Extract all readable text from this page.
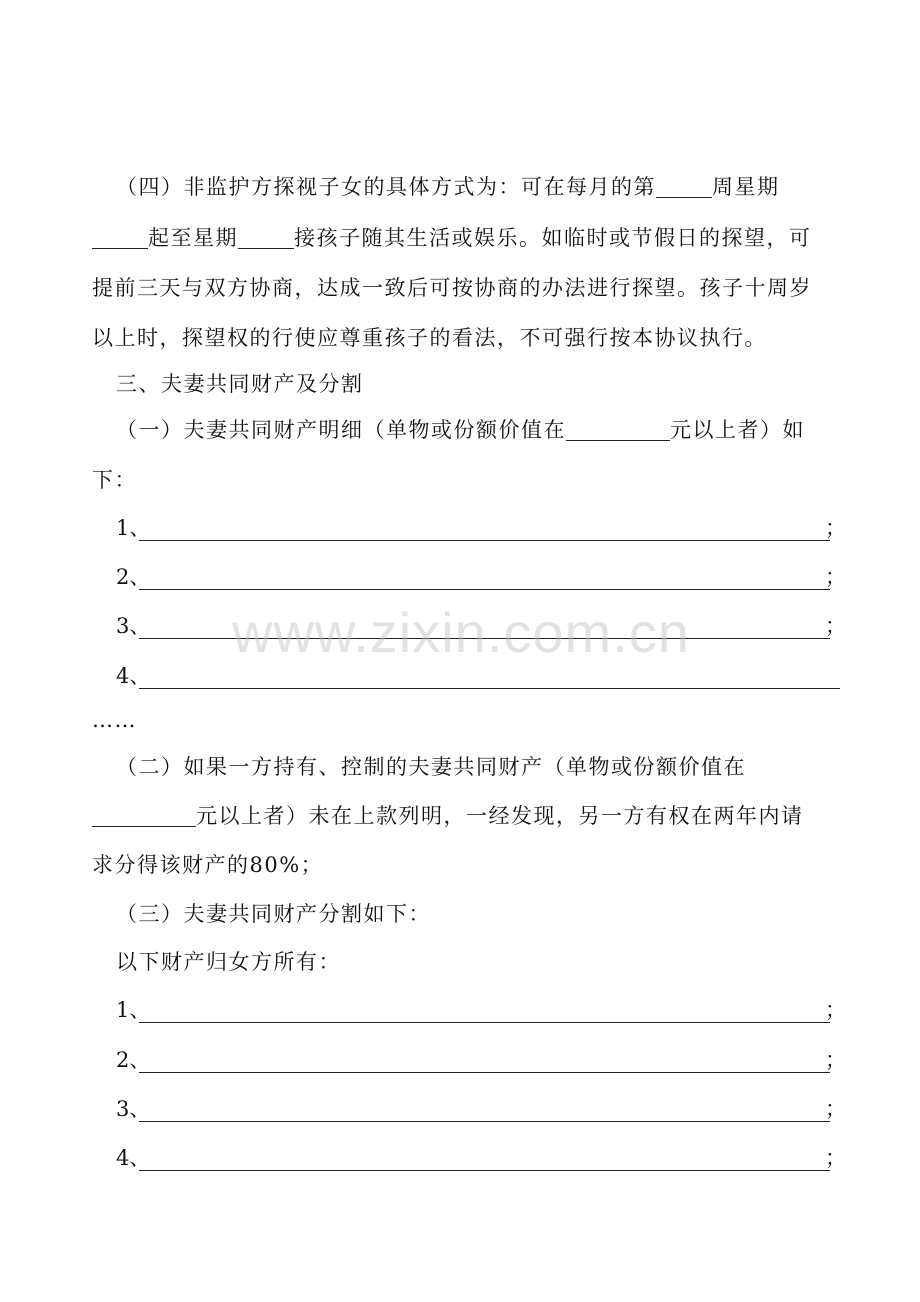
（四）非监护方探视子女的具体方式为：可在每月的第	周星期
起至星期	接孩子随其生活或娱乐。如临时或节假日的探望，可
提前三天与双方协商，达成一致后可按协商的办法进行探望。孩子十周岁
以上时，探望权的行使应尊重孩子的看法，不可强行按本协议执行。
三、夫妻共同财产及分割
（一）夫妻共同财产明细（单物或份额价值在	元以上者）如
下：
1、	；
2、	；
3、	；
4、
……
（二）如果一方持有、控制的夫妻共同财产（单物或份额价值在
元以上者）未在上款列明，一经发现，另一方有权在两年内请
求分得该财产的80%；
（三）夫妻共同财产分割如下：
以下财产归女方所有：
1、	；
2、	；
3、	；
4、	；
www.zixin.com.cn
